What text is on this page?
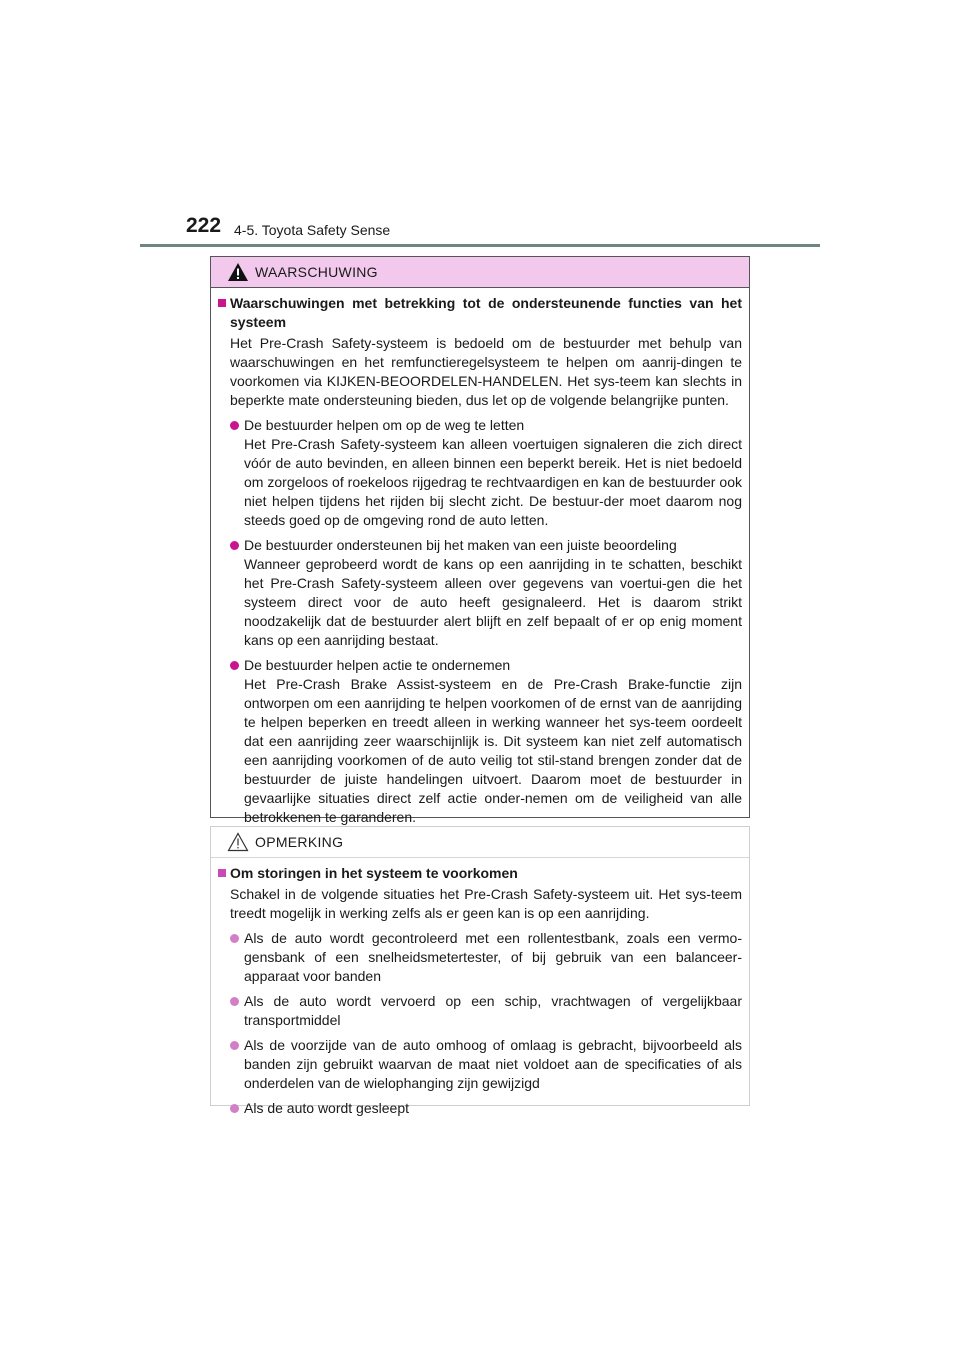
222 4-5. Toyota Safety Sense
WAARSCHUWING
Waarschuwingen met betrekking tot de ondersteunende functies van het systeem
Het Pre-Crash Safety-systeem is bedoeld om de bestuurder met behulp van waarschuwingen en het remfunctieregelsysteem te helpen om aanrij-dingen te voorkomen via KIJKEN-BEOORDELEN-HANDELEN. Het sys-teem kan slechts in beperkte mate ondersteuning bieden, dus let op de volgende belangrijke punten.
De bestuurder helpen om op de weg te letten
Het Pre-Crash Safety-systeem kan alleen voertuigen signaleren die zich direct vóór de auto bevinden, en alleen binnen een beperkt bereik. Het is niet bedoeld om zorgeloos of roekeloos rijgedrag te rechtvaardigen en kan de bestuurder ook niet helpen tijdens het rijden bij slecht zicht. De bestuur-der moet daarom nog steeds goed op de omgeving rond de auto letten.
De bestuurder ondersteunen bij het maken van een juiste beoordeling
Wanneer geprobeerd wordt de kans op een aanrijding in te schatten, beschikt het Pre-Crash Safety-systeem alleen over gegevens van voertui-gen die het systeem direct voor de auto heeft gesignaleerd. Het is daarom strikt noodzakelijk dat de bestuurder alert blijft en zelf bepaalt of er op enig moment kans op een aanrijding bestaat.
De bestuurder helpen actie te ondernemen
Het Pre-Crash Brake Assist-systeem en de Pre-Crash Brake-functie zijn ontworpen om een aanrijding te helpen voorkomen of de ernst van de aanrijding te helpen beperken en treedt alleen in werking wanneer het sys-teem oordeelt dat een aanrijding zeer waarschijnlijk is. Dit systeem kan niet zelf automatisch een aanrijding voorkomen of de auto veilig tot stil-stand brengen zonder dat de bestuurder de juiste handelingen uitvoert. Daarom moet de bestuurder in gevaarlijke situaties direct zelf actie onder-nemen om de veiligheid van alle betrokkenen te garanderen.
OPMERKING
Om storingen in het systeem te voorkomen
Schakel in de volgende situaties het Pre-Crash Safety-systeem uit. Het sys-teem treedt mogelijk in werking zelfs als er geen kan is op een aanrijding.
Als de auto wordt gecontroleerd met een rollentestbank, zoals een vermo-gensbank of een snelheidsmetertester, of bij gebruik van een balanceer-apparaat voor banden
Als de auto wordt vervoerd op een schip, vrachtwagen of vergelijkbaar transportmiddel
Als de voorzijde van de auto omhoog of omlaag is gebracht, bijvoorbeeld als banden zijn gebruikt waarvan de maat niet voldoet aan de specificaties of als onderdelen van de wielophanging zijn gewijzigd
Als de auto wordt gesleept
